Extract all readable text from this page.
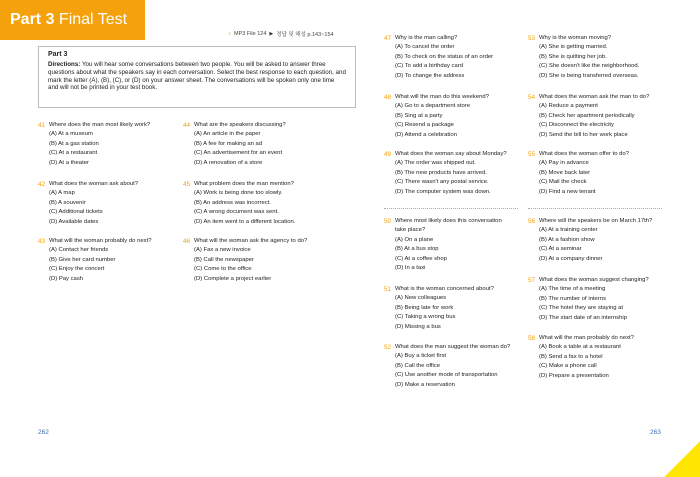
Part 3 Final Test
♪ MP3 File 124 ▶ 정답 및 해설 p.143~154
Part 3
Directions: You will hear some conversations between two people. You will be asked to answer three questions about what the speakers say in each conversation. Select the best response to each question, and mark the letter (A), (B), (C), or (D) on your answer sheet. The conversations will be spoken only one time and will not be printed in your test book.
41 Where does the man most likely work?
(A) At a museum
(B) At a gas station
(C) At a restaurant
(D) At a theater
42 What does the woman ask about?
(A) A map
(B) A souvenir
(C) Additional tickets
(D) Available dates
43 What will the woman probably do next?
(A) Contact her friends
(B) Give her card number
(C) Enjoy the concert
(D) Pay cash
44 What are the speakers discussing?
(A) An article in the paper
(B) A fee for making an ad
(C) An advertisement for an event
(D) A renovation of a store
45 What problem does the man mention?
(A) Work is being done too slowly.
(B) An address was incorrect.
(C) A wrong document was sent.
(D) An item went to a different location.
46 What will the woman ask the agency to do?
(A) Fax a new invoice
(B) Call the newspaper
(C) Come to the office
(D) Complete a project earlier
47 Why is the man calling?
(A) To cancel the order
(B) To check on the status of an order
(C) To add a birthday card
(D) To change the address
48 What will the man do this weekend?
(A) Go to a department store
(B) Sing at a party
(C) Resend a package
(D) Attend a celebration
49 What does the woman say about Monday?
(A) The order was shipped out.
(B) The new products have arrived.
(C) There wasn't any postal service.
(D) The computer system was down.
50 Where most likely does this conversation take place?
(A) On a plane
(B) At a bus stop
(C) At a coffee shop
(D) In a taxi
51 What is the woman concerned about?
(A) New colleagues
(B) Being late for work
(C) Taking a wrong bus
(D) Missing a bus
52 What does the man suggest the woman do?
(A) Buy a ticket first
(B) Call the office
(C) Use another mode of transportation
(D) Make a reservation
53 Why is the woman moving?
(A) She is getting married.
(B) She is quitting her job.
(C) She doesn't like the neighborhood.
(D) She is being transferred overseas.
54 What does the woman ask the man to do?
(A) Reduce a payment
(B) Check her apartment periodically
(C) Disconnect the electricity
(D) Send the bill to her work place
55 What does the woman offer to do?
(A) Pay in advance
(B) Move back later
(C) Mail the check
(D) Find a new tenant
56 Where will the speakers be on March 17th?
(A) At a training center
(B) At a fashion show
(C) At a seminar
(D) At a company dinner
57 What does the woman suggest changing?
(A) The time of a meeting
(B) The number of interns
(C) The hotel they are staying at
(D) The start date of an internship
58 What will the man probably do next?
(A) Book a table at a restaurant
(B) Send a fax to a hotel
(C) Make a phone call
(D) Prepare a presentation
262	263
